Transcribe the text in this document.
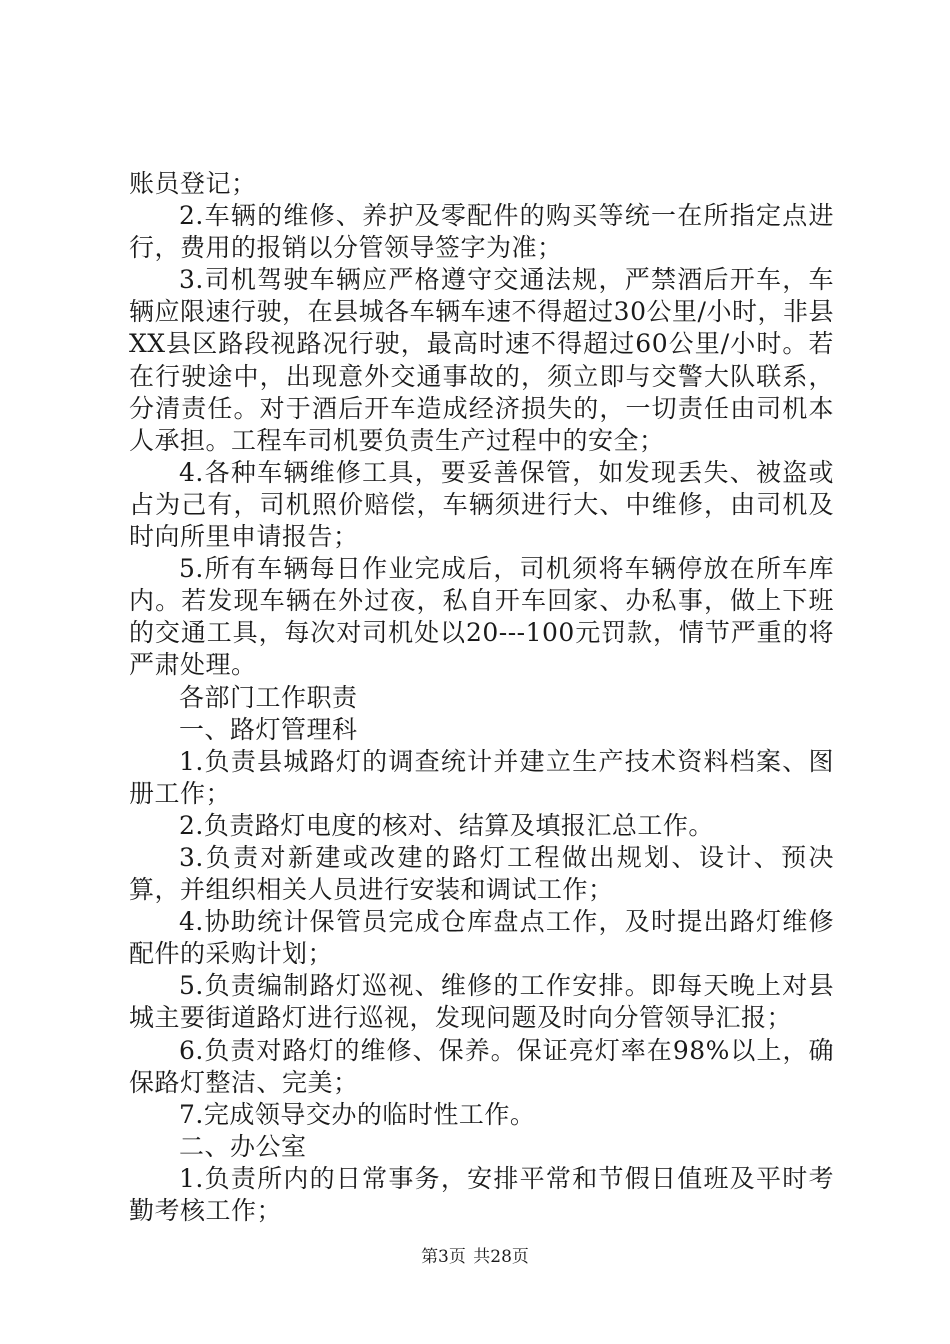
账员登记；

2.车辆的维修、养护及零配件的购买等统一在所指定点进行，费用的报销以分管领导签字为准；

3.司机驾驶车辆应严格遵守交通法规，严禁酒后开车，车辆应限速行驶，在县城各车辆车速不得超过30公里/小时，非县XX县区路段视路况行驶，最高时速不得超过60公里/小时。若在行驶途中，出现意外交通事故的，须立即与交警大队联系，分清责任。对于酒后开车造成经济损失的，一切责任由司机本人承担。工程车司机要负责生产过程中的安全；

4.各种车辆维修工具，要妥善保管，如发现丢失、被盗或占为己有，司机照价赔偿，车辆须进行大、中维修，由司机及时向所里申请报告；

5.所有车辆每日作业完成后，司机须将车辆停放在所车库内。若发现车辆在外过夜，私自开车回家、办私事，做上下班的交通工具，每次对司机处以20---100元罚款，情节严重的将严肃处理。

各部门工作职责

一、路灯管理科

1.负责县城路灯的调查统计并建立生产技术资料档案、图册工作；

2.负责路灯电度的核对、结算及填报汇总工作。

3.负责对新建或改建的路灯工程做出规划、设计、预决算，并组织相关人员进行安装和调试工作；

4.协助统计保管员完成仓库盘点工作，及时提出路灯维修配件的采购计划；

5.负责编制路灯巡视、维修的工作安排。即每天晚上对县城主要街道路灯进行巡视，发现问题及时向分管领导汇报；

6.负责对路灯的维修、保养。保证亮灯率在98%以上，确保路灯整洁、完美；

7.完成领导交办的临时性工作。

二、办公室

1.负责所内的日常事务，安排平常和节假日值班及平时考勤考核工作；

第3页 共28页
